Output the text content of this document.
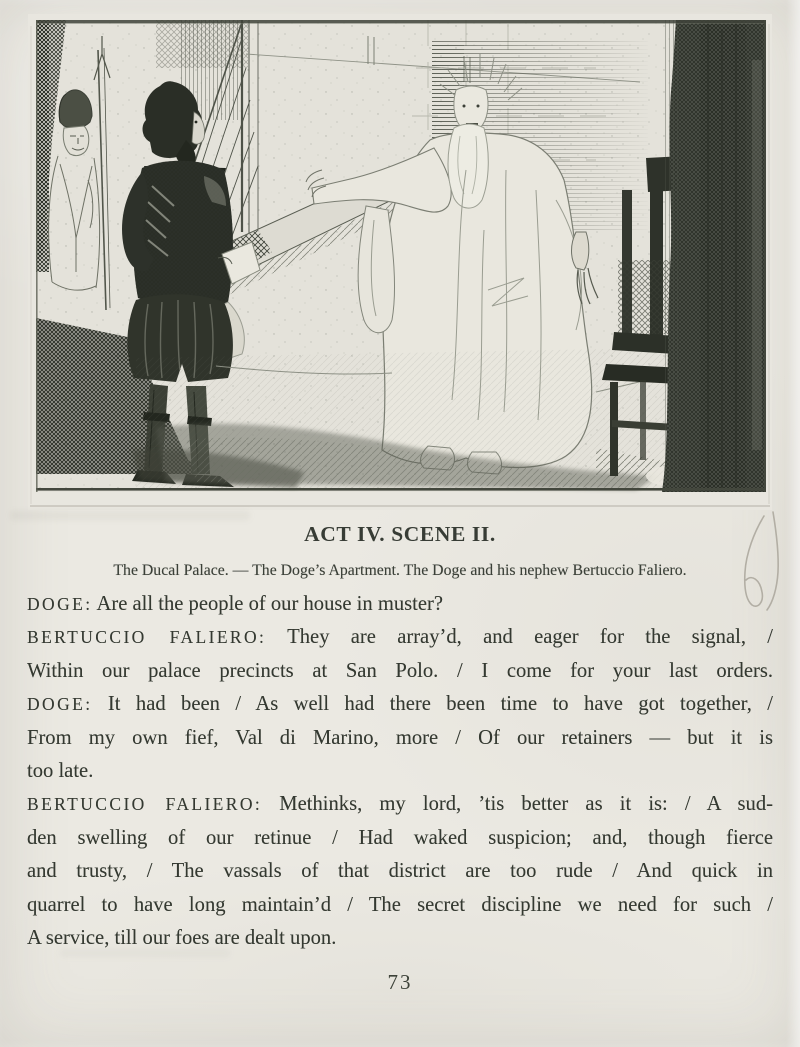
ACT IV. SCENE II.
The Ducal Palace. — The Doge’s Apartment. The Doge and his nephew Bertuccio Faliero.
DOGE: Are all the people of our house in muster?
BERTUCCIO FALIERO: They are array’d, and eager for the signal, /
Within our palace precincts at San Polo. / I come for your last orders.
DOGE: It had been / As well had there been time to have got together, /
From my own fief, Val di Marino, more / Of our retainers — but it is
too late.
BERTUCCIO FALIERO: Methinks, my lord, ’tis better as it is: / A sud-
den swelling of our retinue / Had waked suspicion; and, though fierce
and trusty, / The vassals of that district are too rude / And quick in
quarrel to have long maintain’d / The secret discipline we need for such /
A service, till our foes are dealt upon.
73
